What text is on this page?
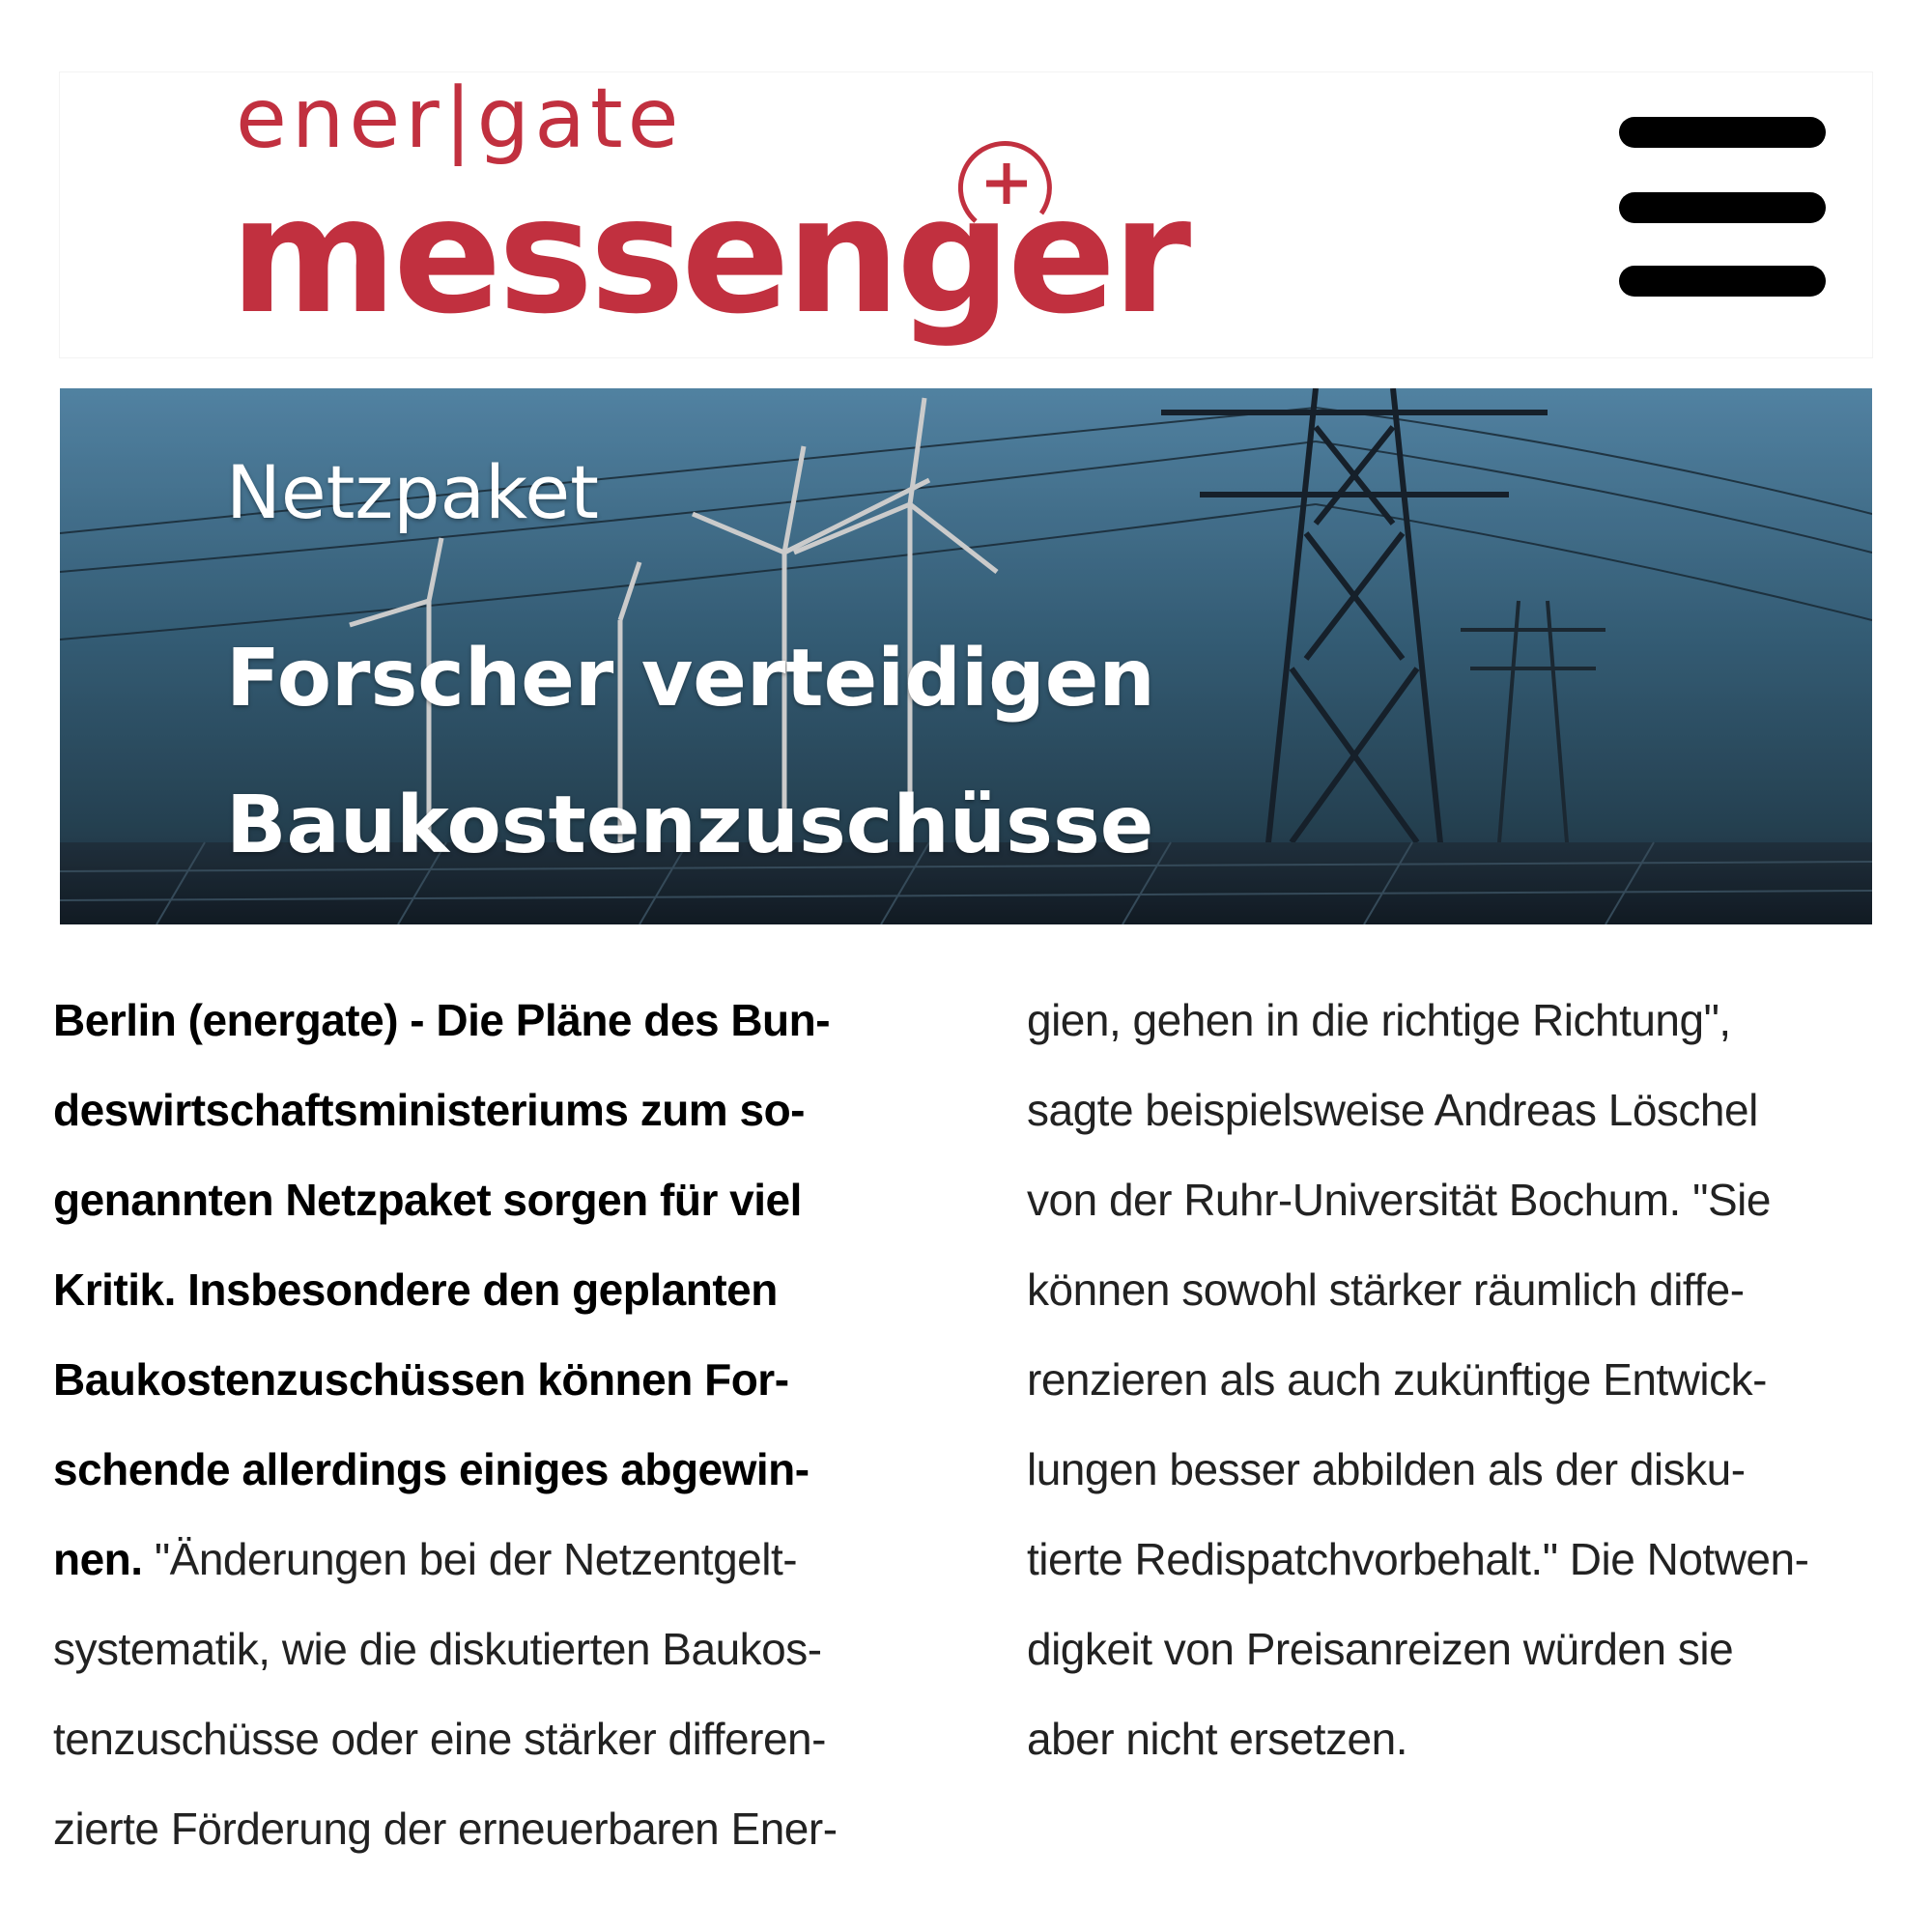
ener|gate
messenger
Netzpaket
Forscher verteidigen
Baukostenzuschüsse
Berlin (energate) - Die Pläne des Bun-
deswirtschaftsministeriums zum so-
genannten Netzpaket sorgen für viel
Kritik. Insbesondere den geplanten
Baukostenzuschüssen können For-
schende allerdings einiges abgewin-
nen. "Änderungen bei der Netzentgelt-
systematik, wie die diskutierten Baukos-
tenzuschüsse oder eine stärker differen-
zierte Förderung der erneuerbaren Ener-
gien, gehen in die richtige Richtung",
sagte beispielsweise Andreas Löschel
von der Ruhr-Universität Bochum. "Sie
können sowohl stärker räumlich diffe-
renzieren als auch zukünftige Entwick-
lungen besser abbilden als der disku-
tierte Redispatchvorbehalt." Die Notwen-
digkeit von Preisanreizen würden sie
aber nicht ersetzen.
